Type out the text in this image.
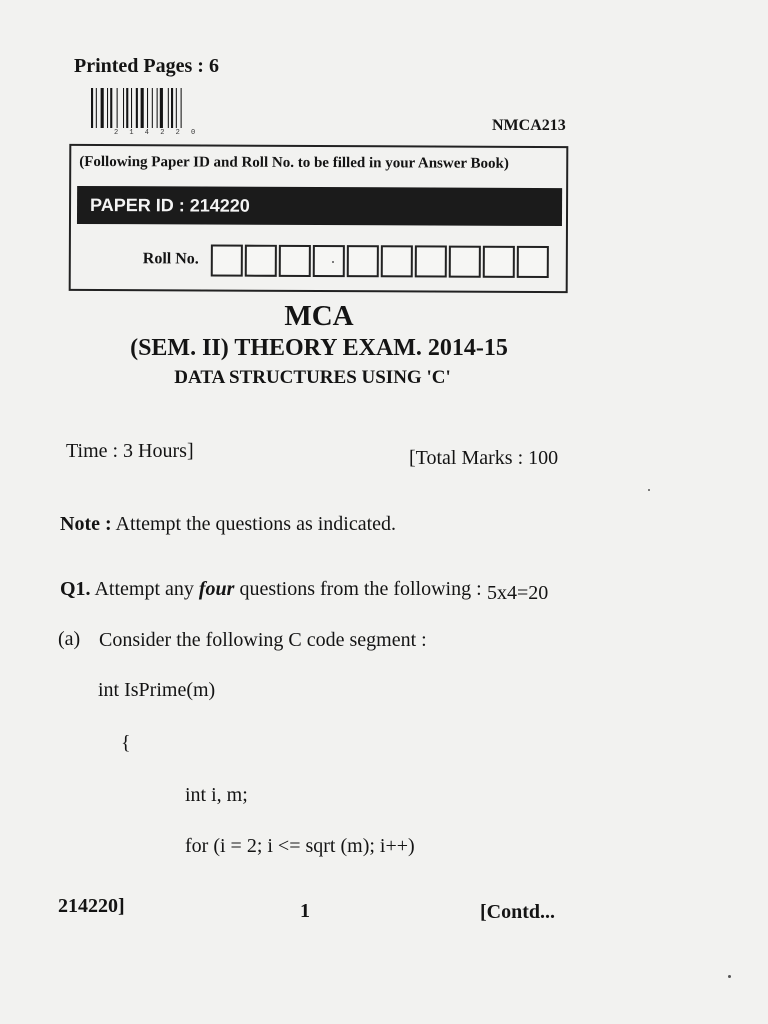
Printed Pages : 6
2 1 4 2 2 0	NMCA213
(Following Paper ID and Roll No. to be filled in your Answer Book)
PAPER ID : 214220
Roll No.
MCA
(SEM. II) THEORY EXAM. 2014-15
DATA STRUCTURES USING 'C'
Time : 3 Hours]	[Total Marks : 100
Note : Attempt the questions as indicated.
Q1. Attempt any four questions from the following : 5x4=20
(a) Consider the following C code segment :
int IsPrime(m)
{
int i, m;
for (i = 2; i <= sqrt (m); i++)
214220]	1	[Contd...
